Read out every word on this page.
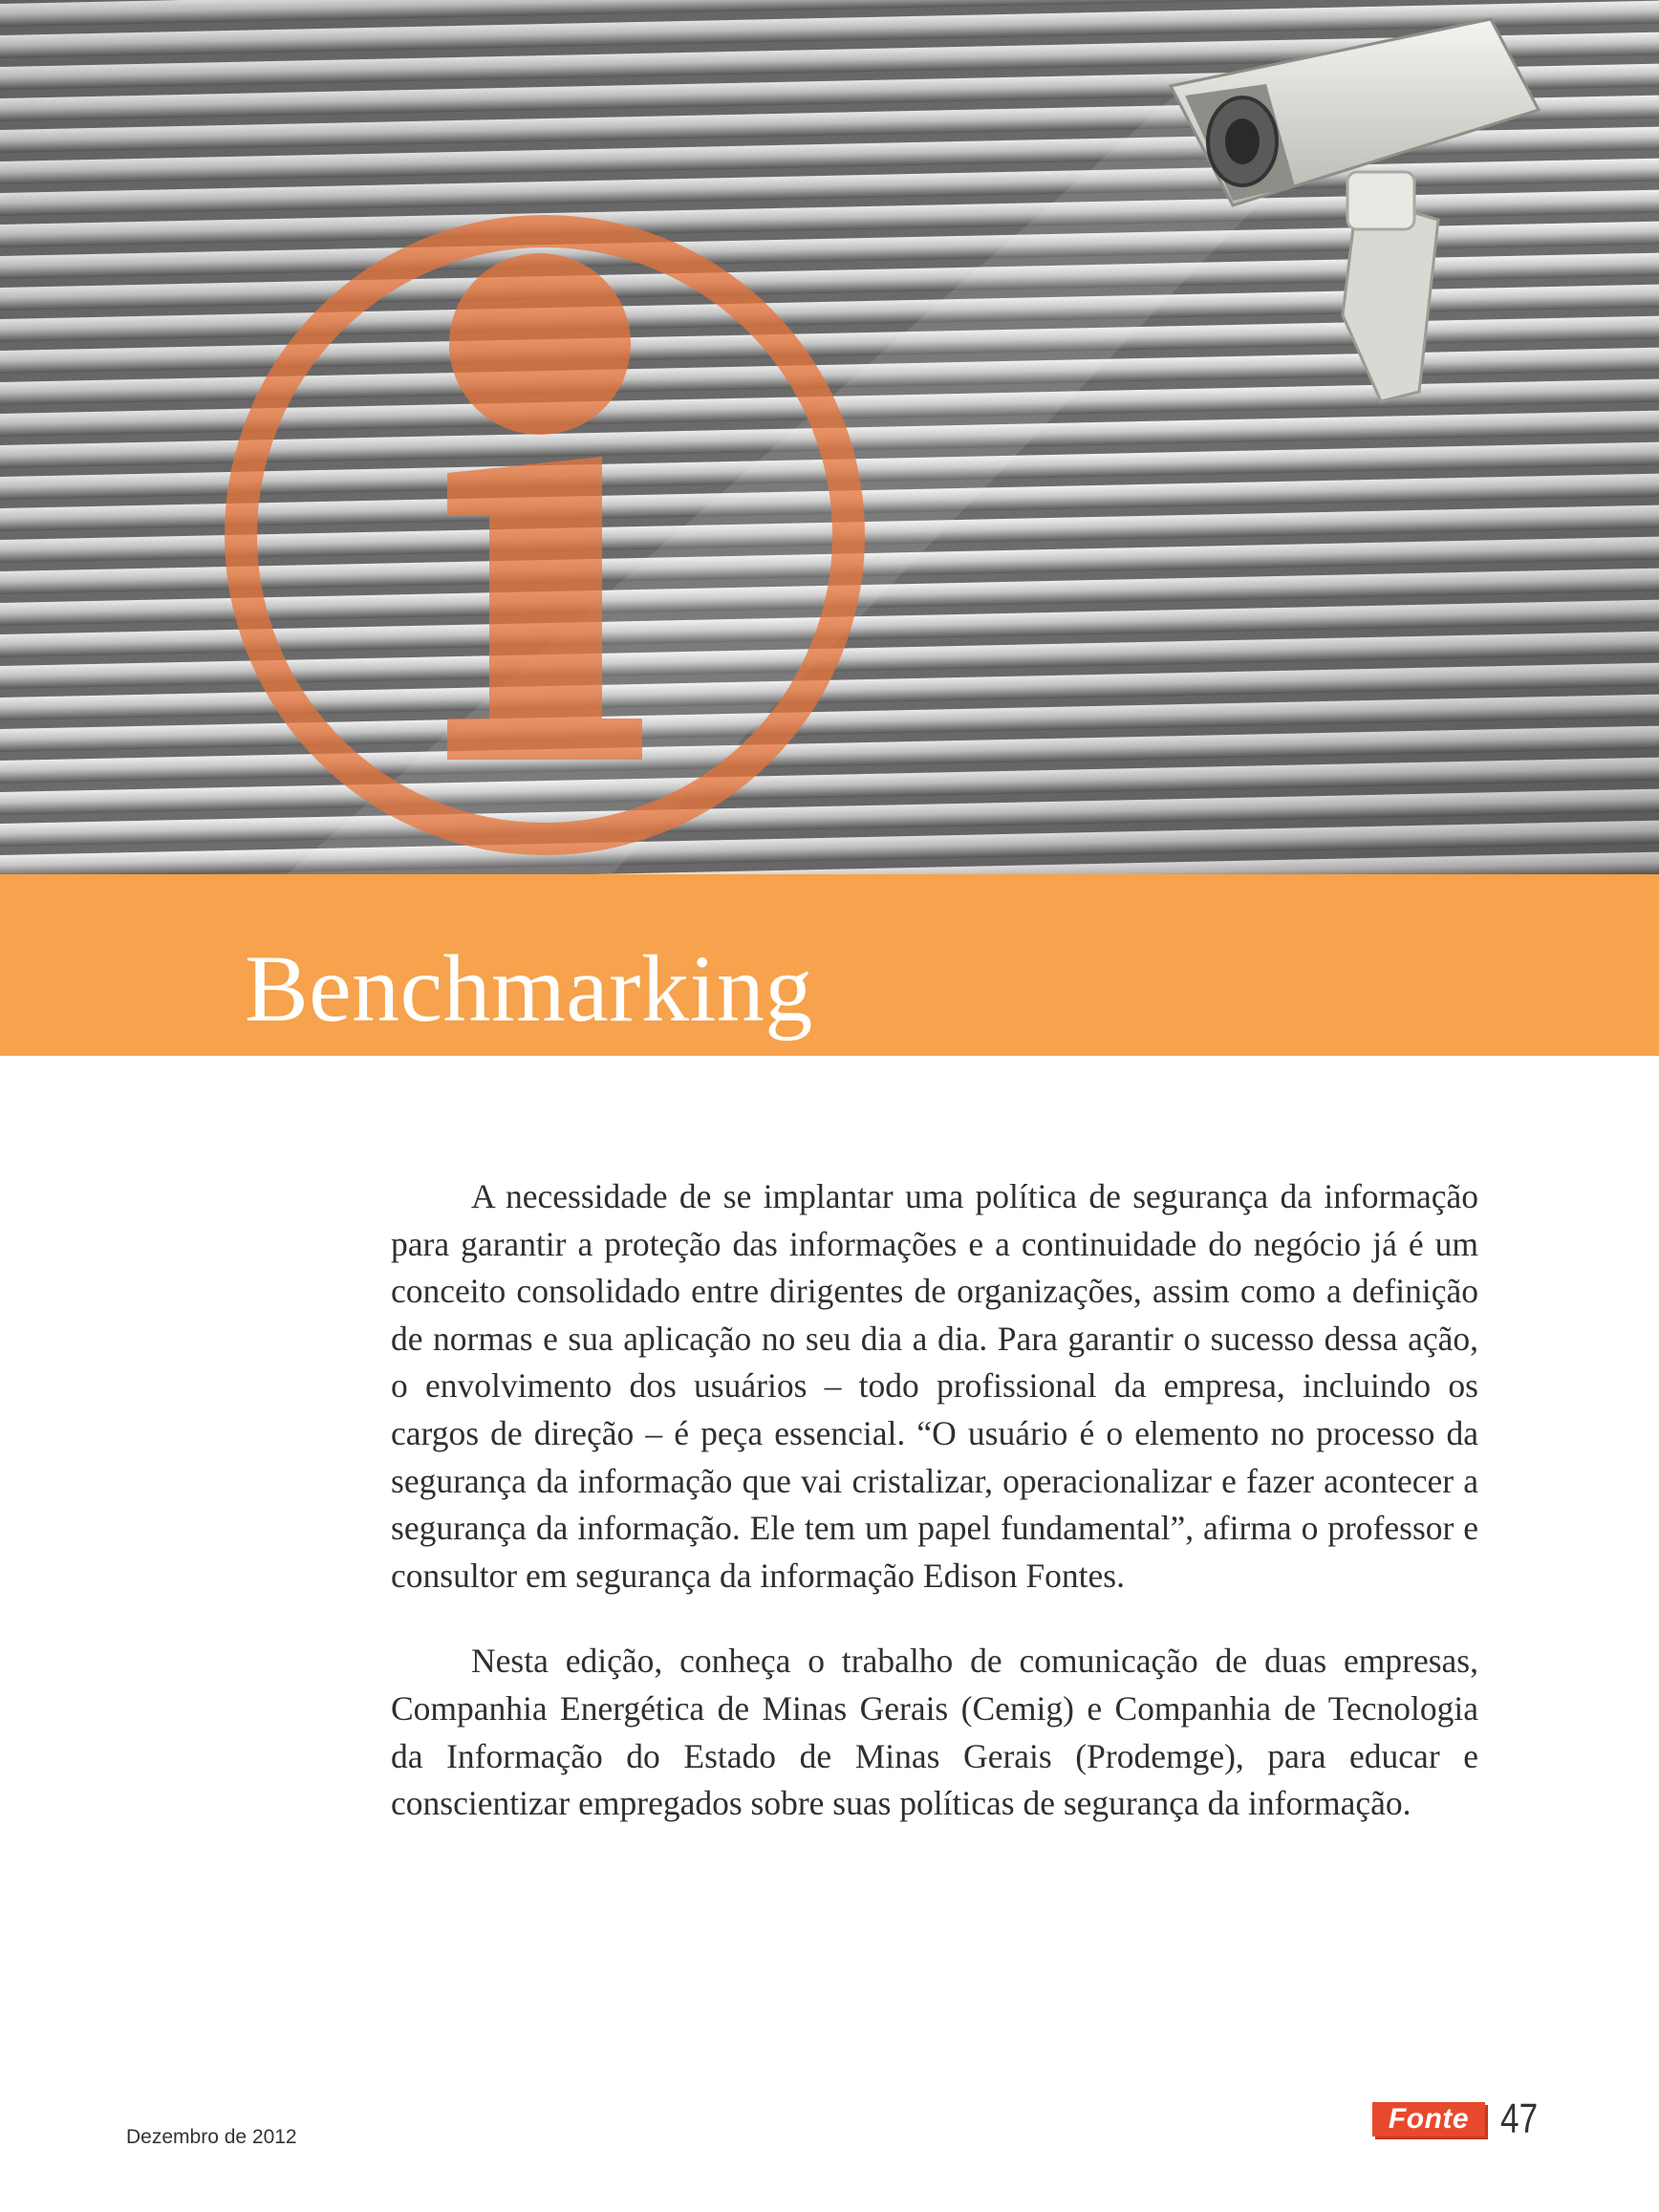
Benchmarking

A necessidade de se implantar uma política de segurança da informação para garantir a proteção das informações e a continuidade do negócio já é um conceito consolidado entre dirigentes de organizações, assim como a definição de normas e sua aplicação no seu dia a dia. Para garantir o sucesso dessa ação, o envolvimento dos usuários – todo profissional da empresa, incluindo os cargos de direção – é peça essencial. “O usuário é o elemento no processo da segurança da informação que vai cristalizar, operacionalizar e fazer acontecer a segurança da informação. Ele tem um papel fundamental”, afirma o professor e consultor em segurança da informação Edison Fontes.

Nesta edição, conheça o trabalho de comunicação de duas empresas, Companhia Energética de Minas Gerais (Cemig) e Companhia de Tecnologia da Informação do Estado de Minas Gerais (Prodemge), para educar e conscientizar empregados sobre suas políticas de segurança da informação.

Dezembro de 2012
Fonte 47
